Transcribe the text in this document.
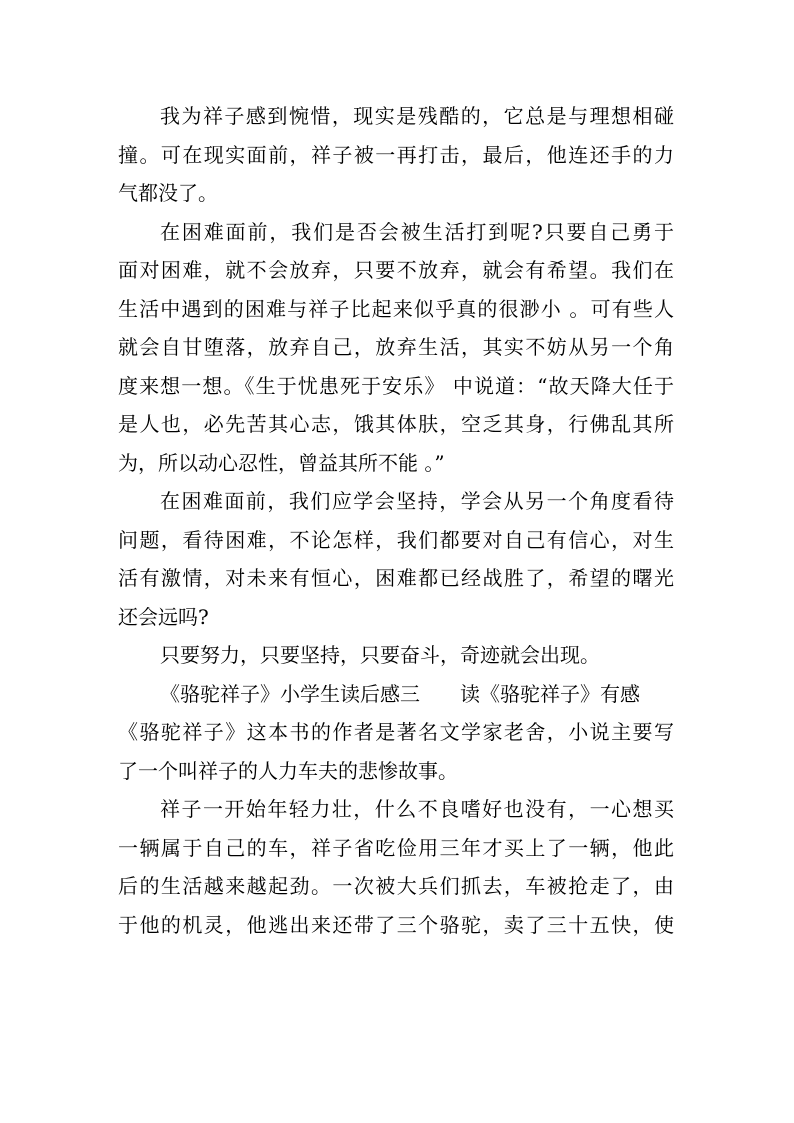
我为祥子感到惋惜，现实是残酷的，它总是与理想相碰
撞。可在现实面前，祥子被一再打击，最后，他连还手的力
气都没了。
在困难面前，我们是否会被生活打到呢?只要自己勇于
面对困难，就不会放弃，只要不放弃，就会有希望。我们在
生活中遇到的困难与祥子比起来似乎真的很渺小 。可有些人
就会自甘堕落，放弃自己，放弃生活，其实不妨从另一个角
度来想一想。《生于忧患死于安乐》 中说道：“故天降大任于
是人也，必先苦其心志，饿其体肤，空乏其身，行佛乱其所
为，所以动心忍性，曾益其所不能 。”
在困难面前，我们应学会坚持，学会从另一个角度看待
问题，看待困难，不论怎样，我们都要对自己有信心，对生
活有激情，对未来有恒心，困难都已经战胜了，希望的曙光
还会远吗?
只要努力，只要坚持，只要奋斗，奇迹就会出现。
《骆驼祥子》小学生读后感三　　读《骆驼祥子》有感
《骆驼祥子》这本书的作者是著名文学家老舍，小说主要写
了一个叫祥子的人力车夫的悲惨故事。
祥子一开始年轻力壮，什么不良嗜好也没有，一心想买
一辆属于自己的车，祥子省吃俭用三年才买上了一辆，他此
后的生活越来越起劲。一次被大兵们抓去，车被抢走了，由
于他的机灵，他逃出来还带了三个骆驼，卖了三十五快，使
